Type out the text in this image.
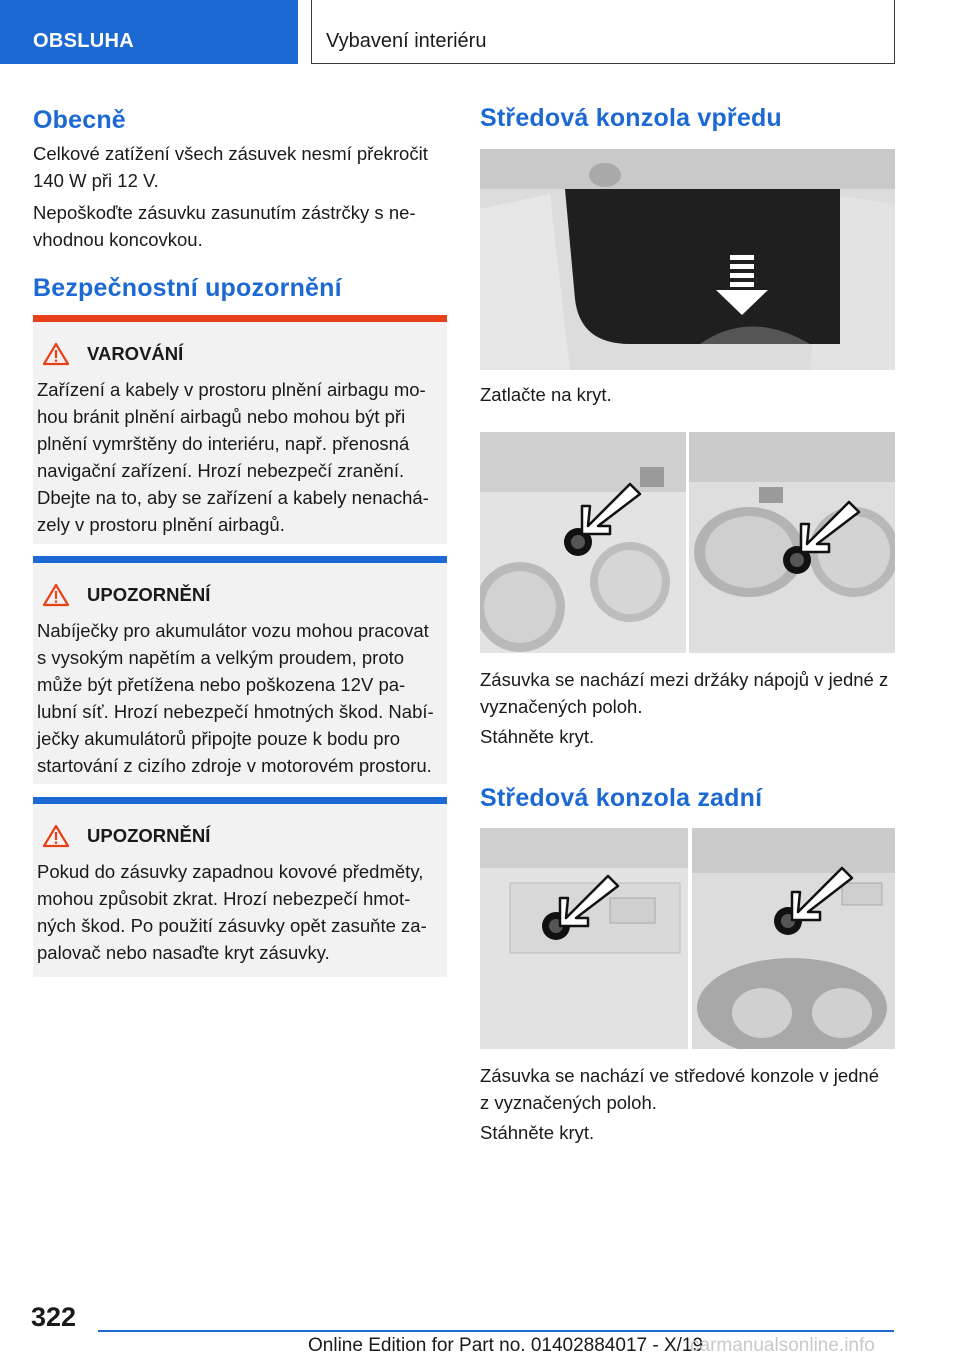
OBSLUHA	Vybavení interiéru
Obecně

Celkové zatížení všech zásuvek nesmí překročit
140 W při 12 V.

Nepoškoďte zásuvku zasunutím zástrčky s ne‐
vhodnou koncovkou.

Bezpečnostní upozornění
VAROVÁNÍ

Zařízení a kabely v prostoru plnění airbagu mo‐
hou bránit plnění airbagů nebo mohou být při
plnění vymrštěny do interiéru, např. přenosná
navigační zařízení. Hrozí nebezpečí zranění.
Dbejte na to, aby se zařízení a kabely nenachá‐
zely v prostoru plnění airbagů.

UPOZORNĚNÍ

Nabíječky pro akumulátor vozu mohou pracovat
s vysokým napětím a velkým proudem, proto
může být přetížena nebo poškozena 12V pa‐
lubní síť. Hrozí nebezpečí hmotných škod. Nabí‐
ječky akumulátorů připojte pouze k bodu pro
startování z cizího zdroje v motorovém prostoru.

UPOZORNĚNÍ

Pokud do zásuvky zapadnou kovové předměty,
mohou způsobit zkrat. Hrozí nebezpečí hmot‐
ných škod. Po použití zásuvky opět zasuňte za‐
palovač nebo nasaďte kryt zásuvky.

Středová konzola vpředu

Zatlačte na kryt.

Zásuvka se nachází mezi držáky nápojů v jedné z
vyznačených poloh.

Stáhněte kryt.

Středová konzola zadní

Zásuvka se nachází ve středové konzole v jedné
z vyznačených poloh.

Stáhněte kryt.

322
Online Edition for Part no. 01402884017 - X/19
carmanualsonline.info
